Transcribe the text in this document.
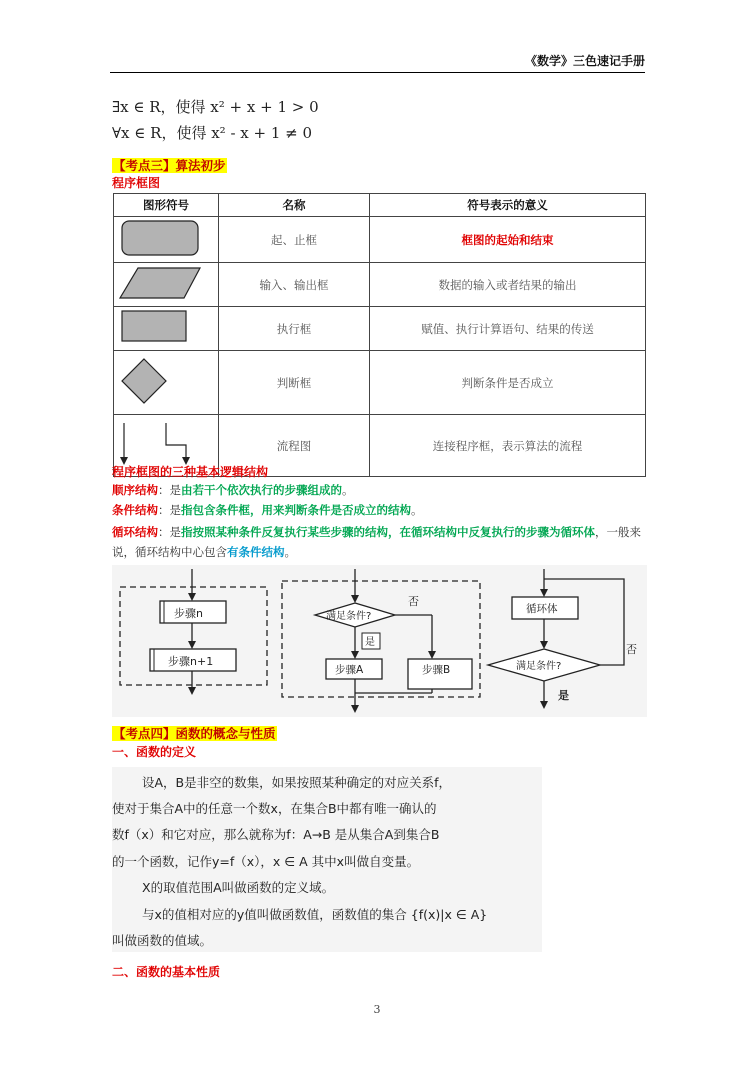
《数学》三色速记手册
∃x ∈ R，使得 x² + x + 1 > 0
∀x ∈ R，使得 x² - x + 1 ≠ 0
【考点三】算法初步
程序框图
图形符号	名称	符号表示的意义
	起、止框	框图的起始和结束
	输入、输出框	数据的输入或者结果的输出
	执行框	赋值、执行计算语句、结果的传送
	判断框	判断条件是否成立
	流程图	连接程序框，表示算法的流程
程序框图的三种基本逻辑结构
顺序结构：是由若干个依次执行的步骤组成的。
条件结构：是指包含条件框，用来判断条件是否成立的结构。
循环结构：是指按照某种条件反复执行某些步骤的结构，在循环结构中反复执行的步骤为循环体，一般来说，循环结构中心包含有条件结构。
步骤n
步骤n+1
满足条件?
否
是
步骤A	步骤B
循环体
满足条件?
否
是
【考点四】函数的概念与性质
一、函数的定义
设A，B是非空的数集，如果按照某种确定的对应关系f，
使对于集合A中的任意一个数x，在集合B中都有唯一确认的
数f（x）和它对应，那么就称为f：A→B 是从集合A到集合B
的一个函数，记作y=f（x），x ∈ A 其中x叫做自变量。
X的取值范围A叫做函数的定义域。
与x的值相对应的y值叫做函数值，函数值的集合 {f(x)|x ∈ A}
叫做函数的值域。
二、函数的基本性质
3
